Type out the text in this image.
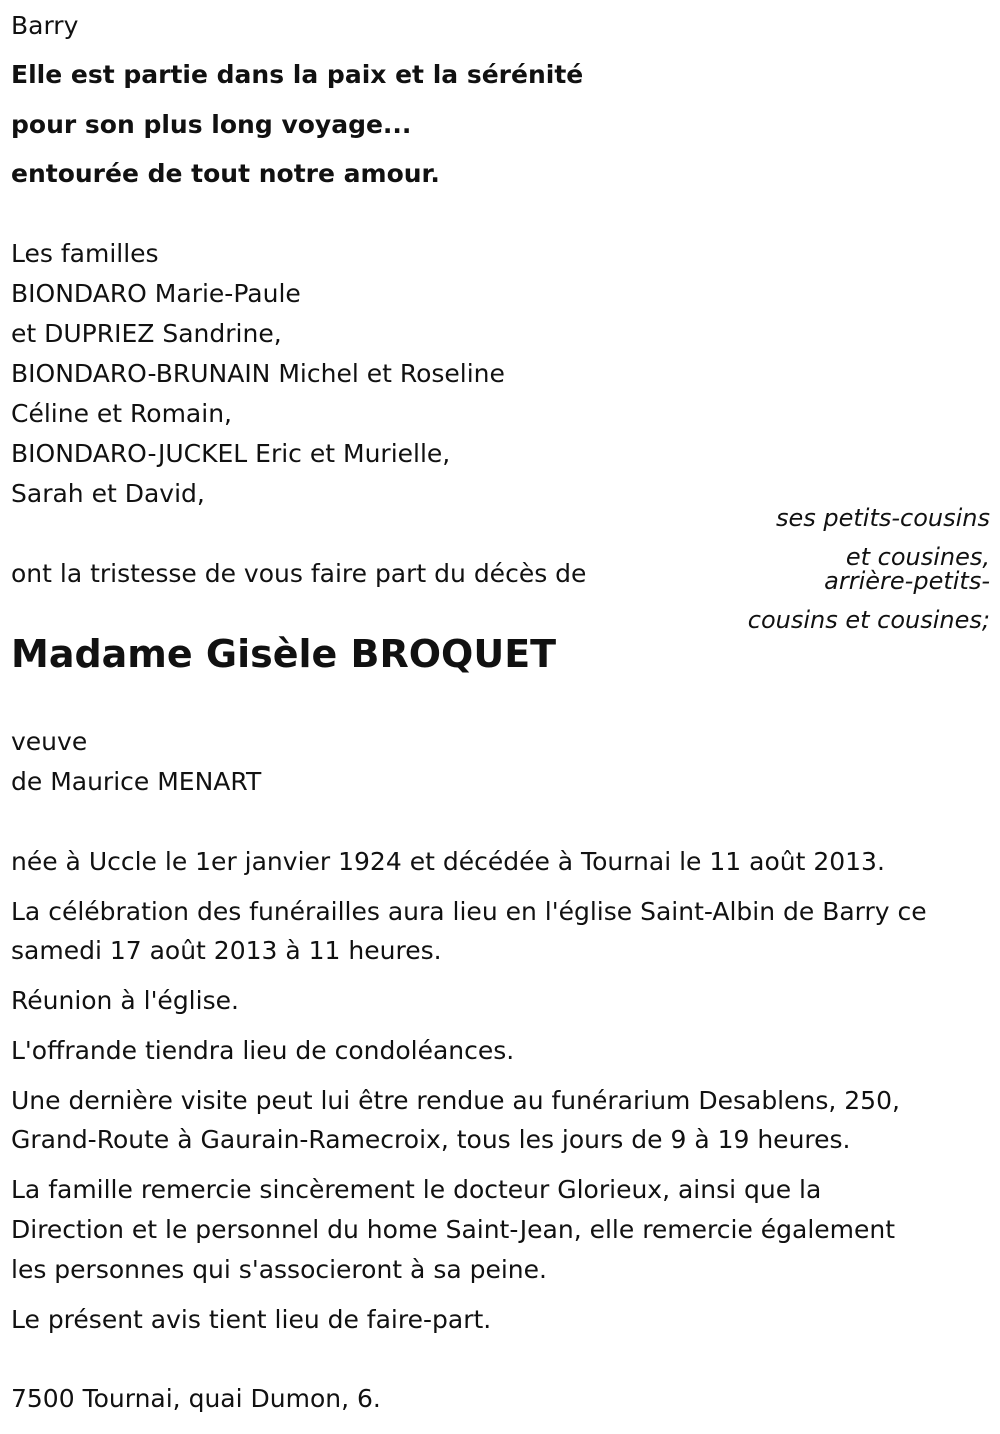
Barry
Elle est partie dans la paix et la sérénité
pour son plus long voyage...
entourée de tout notre amour.
Les familles
BIONDARO Marie-Paule
et DUPRIEZ Sandrine,
BIONDARO-BRUNAIN Michel et Roseline
Céline et Romain,
BIONDARO-JUCKEL Eric et Murielle,
Sarah et David,
ses petits-cousins
et cousines,
arrière-petits-
cousins et cousines;
ont la tristesse de vous faire part du décès de
Madame Gisèle BROQUET
veuve
de Maurice MENART
née à Uccle le 1er janvier 1924 et décédée à Tournai le 11 août 2013.
La célébration des funérailles aura lieu en l'église Saint-Albin de Barry ce
samedi 17 août 2013 à 11 heures.
Réunion à l'église.
L'offrande tiendra lieu de condoléances.
Une dernière visite peut lui être rendue au funérarium Desablens, 250,
Grand-Route à Gaurain-Ramecroix, tous les jours de 9 à 19 heures.
La famille remercie sincèrement le docteur Glorieux, ainsi que la
Direction et le personnel du home Saint-Jean, elle remercie également
les personnes qui s'associeront à sa peine.
Le présent avis tient lieu de faire-part.
7500 Tournai, quai Dumon, 6.
